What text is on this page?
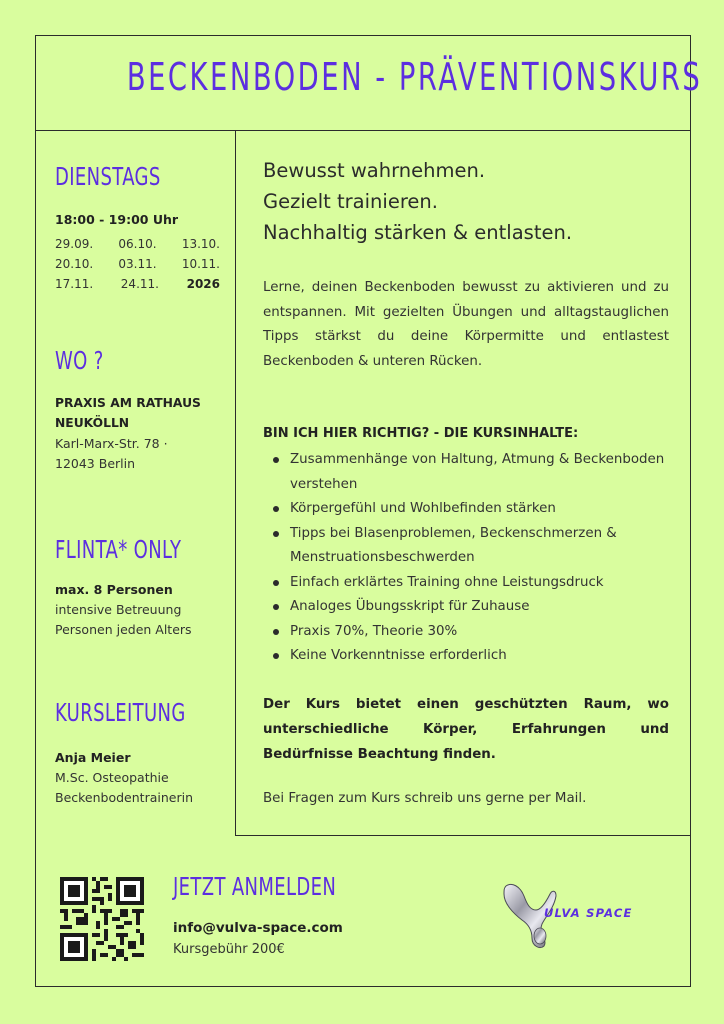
BECKENBODEN - PRÄVENTIONSKURS
DIENSTAGS
18:00 - 19:00 Uhr
29.09. 06.10. 13.10.
20.10. 03.11. 10.11.
17.11. 24.11. 2026
WO ?
PRAXIS AM RATHAUS
NEUKÖLLN
Karl-Marx-Str. 78 ·
12043 Berlin
FLINTA* ONLY
max. 8 Personen
intensive Betreuung
Personen jeden Alters
KURSLEITUNG
Anja Meier
M.Sc. Osteopathie
Beckenbodentrainerin
Bewusst wahrnehmen.
Gezielt trainieren.
Nachhaltig stärken & entlasten.
Lerne, deinen Beckenboden bewusst zu aktivieren und zu entspannen. Mit gezielten Übungen und alltagstauglichen Tipps stärkst du deine Körpermitte und entlastest Beckenboden & unteren Rücken.
BIN ICH HIER RICHTIG? - DIE KURSINHALTE:
Zusammenhänge von Haltung, Atmung & Beckenboden verstehen
Körpergefühl und Wohlbefinden stärken
Tipps bei Blasenproblemen, Beckenschmerzen & Menstruationsbeschwerden
Einfach erklärtes Training ohne Leistungsdruck
Analoges Übungsskript für Zuhause
Praxis 70%, Theorie 30%
Keine Vorkenntnisse erforderlich
Der Kurs bietet einen geschützten Raum, wo unterschiedliche Körper, Erfahrungen und Bedürfnisse Beachtung finden.
Bei Fragen zum Kurs schreib uns gerne per Mail.
JETZT ANMELDEN
info@vulva-space.com
Kursgebühr 200€
ULVA SPACE
